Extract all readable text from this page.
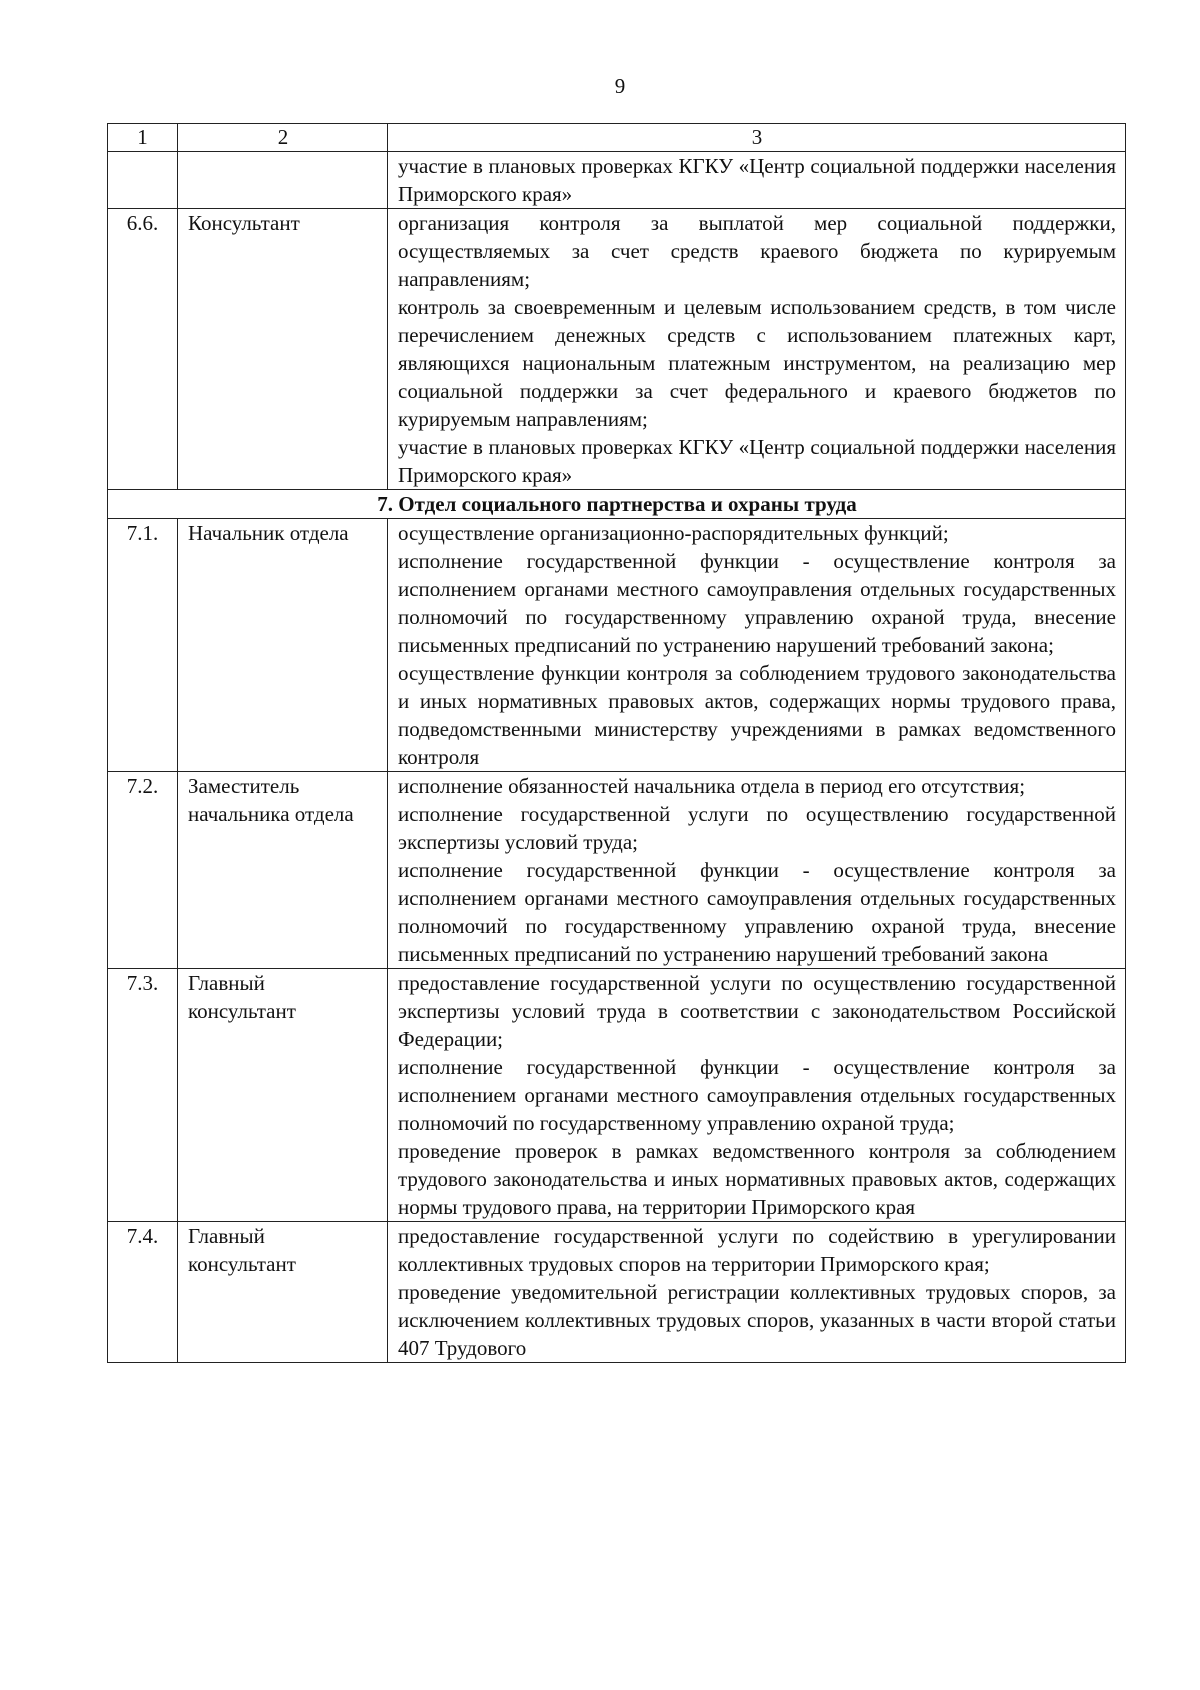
9
1	2	3

		участие в плановых проверках КГКУ «Центр социальной поддержки населения Приморского края»

6.6.	Консультант	организация контроля за выплатой мер социальной поддержки, осуществляемых за счет средств краевого бюджета по курируемым направлениям;
контроль за своевременным и целевым использованием средств, в том числе перечислением денежных средств с использованием платежных карт, являющихся национальным платежным инструментом, на реализацию мер социальной поддержки за счет федерального и краевого бюджетов по курируемым направлениям;
участие в плановых проверках КГКУ «Центр социальной поддержки населения Приморского края»

7. Отдел социального партнерства и охраны труда		
7.1.	Начальник отдела	осуществление организационно-распорядительных функций;
исполнение государственной функции - осуществление контроля за исполнением органами местного самоуправления отдельных государственных полномочий по государственному управлению охраной труда, внесение письменных предписаний по устранению нарушений требований закона;
осуществление функции контроля за соблюдением трудового законодательства и иных нормативных правовых актов, содержащих нормы трудового права, подведомственными министерству учреждениями в рамках ведомственного контроля

7.2.	Заместитель начальника отдела	исполнение обязанностей начальника отдела в период его отсутствия;
исполнение государственной услуги по осуществлению государственной экспертизы условий труда;
исполнение государственной функции - осуществление контроля за исполнением органами местного самоуправления отдельных государственных полномочий по государственному управлению охраной труда, внесение письменных предписаний по устранению нарушений требований закона

7.3.	Главный консультант	предоставление государственной услуги по осуществлению государственной экспертизы условий труда в соответствии с законодательством Российской Федерации;
исполнение государственной функции - осуществление контроля за исполнением органами местного самоуправления отдельных государственных полномочий по государственному управлению охраной труда;
проведение проверок в рамках ведомственного контроля за соблюдением трудового законодательства и иных нормативных правовых актов, содержащих нормы трудового права, на территории Приморского края

7.4.	Главный консультант	предоставление государственной услуги по содействию в урегулировании коллективных трудовых споров на территории Приморского края;
проведение уведомительной регистрации коллективных трудовых споров, за исключением коллективных трудовых споров, указанных в части второй статьи 407 Трудового
